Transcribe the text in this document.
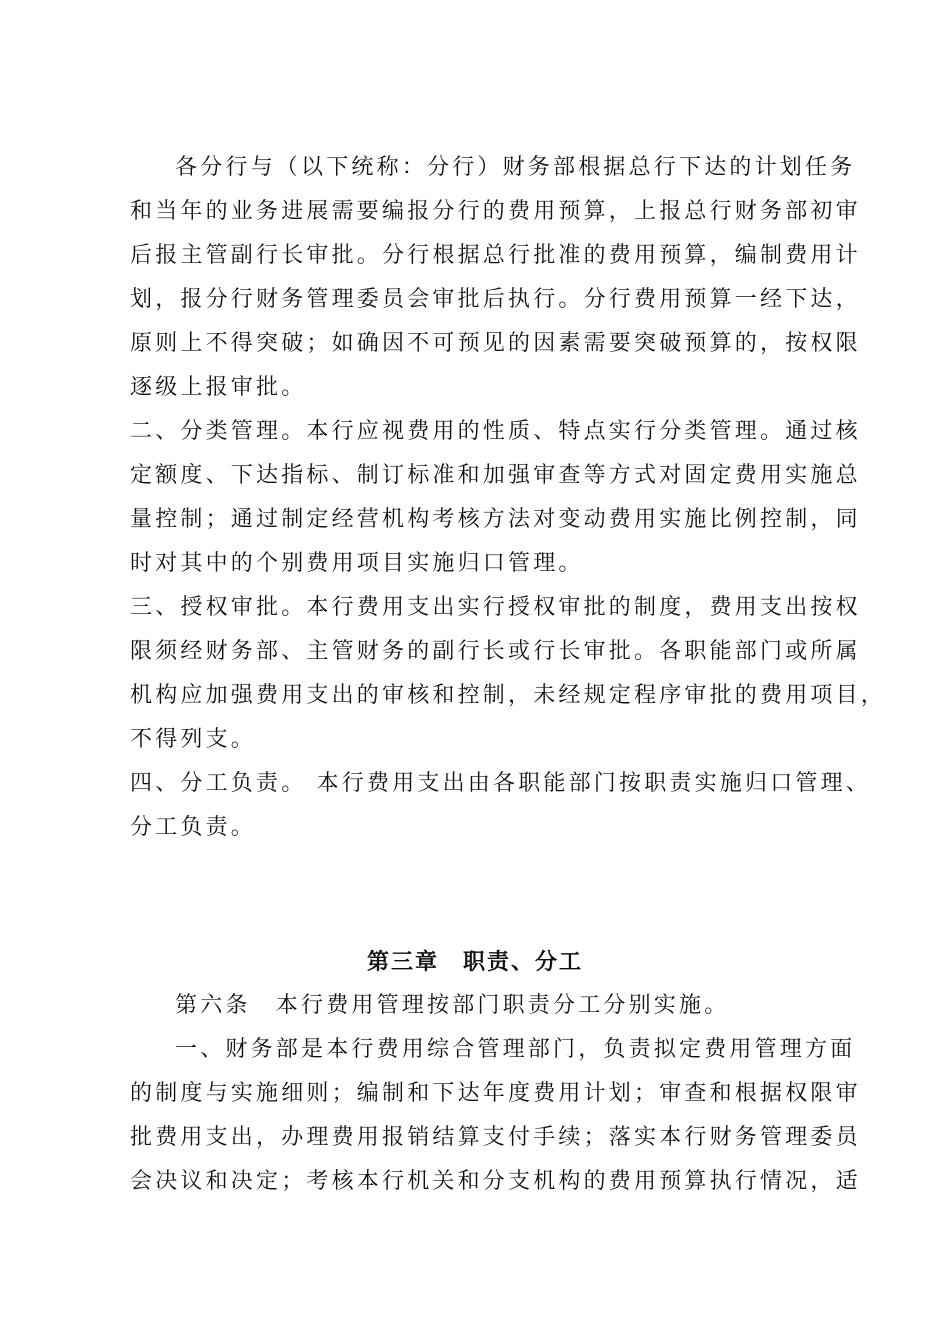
各分行与（以下统称：分行）财务部根据总行下达的计划任务
和当年的业务进展需要编报分行的费用预算，上报总行财务部初审
后报主管副行长审批。分行根据总行批准的费用预算，编制费用计
划，报分行财务管理委员会审批后执行。分行费用预算一经下达，
原则上不得突破；如确因不可预见的因素需要突破预算的，按权限
逐级上报审批。
二、分类管理。本行应视费用的性质、特点实行分类管理。通过核
定额度、下达指标、制订标准和加强审查等方式对固定费用实施总
量控制；通过制定经营机构考核方法对变动费用实施比例控制，同
时对其中的个别费用项目实施归口管理。
三、授权审批。本行费用支出实行授权审批的制度，费用支出按权
限须经财务部、主管财务的副行长或行长审批。各职能部门或所属
机构应加强费用支出的审核和控制，未经规定程序审批的费用项目，
不得列支。
四、分工负责。 本行费用支出由各职能部门按职责实施归口管理、
分工负责。
第三章　职责、分工
第六条　本行费用管理按部门职责分工分别实施。
一、财务部是本行费用综合管理部门，负责拟定费用管理方面
的制度与实施细则；编制和下达年度费用计划；审查和根据权限审
批费用支出，办理费用报销结算支付手续；落实本行财务管理委员
会决议和决定；考核本行机关和分支机构的费用预算执行情况，适
